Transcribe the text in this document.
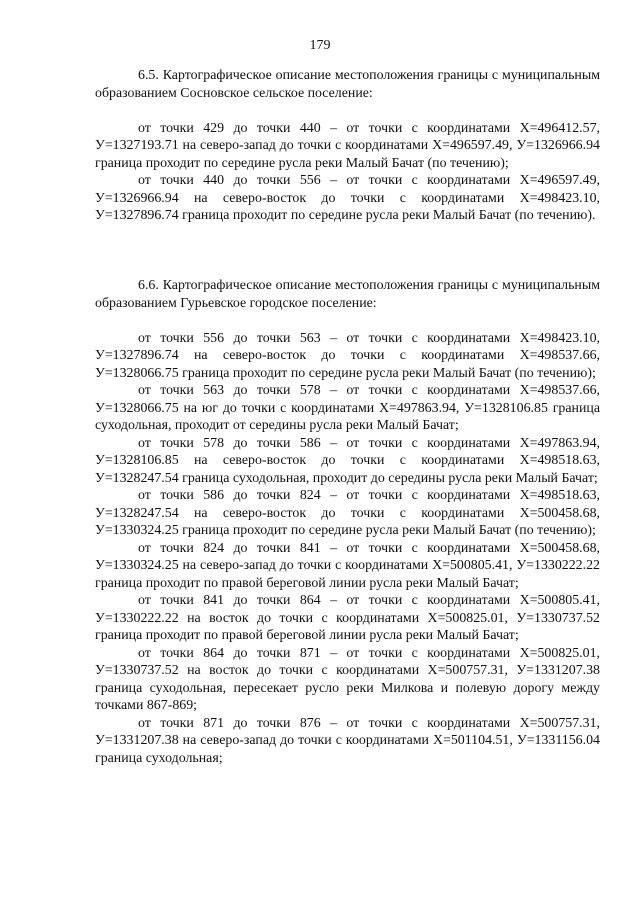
179

6.5. Картографическое описание местоположения границы с муниципальным образованием Сосновское сельское поселение:

от точки 429 до точки 440 – от точки с координатами Х=496412.57, У=1327193.71 на северо-запад до точки с координатами Х=496597.49, У=1326966.94 граница проходит по середине русла реки Малый Бачат (по течению);

от точки 440 до точки 556 – от точки с координатами Х=496597.49, У=1326966.94 на северо-восток до точки с координатами Х=498423.10, У=1327896.74 граница проходит по середине русла реки Малый Бачат (по течению).

6.6. Картографическое описание местоположения границы с муниципальным образованием Гурьевское городское поселение:

от точки 556 до точки 563 – от точки с координатами Х=498423.10, У=1327896.74 на северо-восток до точки с координатами Х=498537.66, У=1328066.75 граница проходит по середине русла реки Малый Бачат (по течению);

от точки 563 до точки 578 – от точки с координатами Х=498537.66, У=1328066.75 на юг до точки с координатами Х=497863.94, У=1328106.85 граница суходольная, проходит от середины русла реки Малый Бачат;

от точки 578 до точки 586 – от точки с координатами Х=497863.94, У=1328106.85 на северо-восток до точки с координатами Х=498518.63, У=1328247.54 граница суходольная, проходит до середины русла реки Малый Бачат;

от точки 586 до точки 824 – от точки с координатами Х=498518.63, У=1328247.54 на северо-восток до точки с координатами Х=500458.68, У=1330324.25 граница проходит по середине русла реки Малый Бачат (по течению);

от точки 824 до точки 841 – от точки с координатами Х=500458.68, У=1330324.25 на северо-запад до точки с координатами Х=500805.41, У=1330222.22 граница проходит по правой береговой линии русла реки Малый Бачат;

от точки 841 до точки 864 – от точки с координатами Х=500805.41, У=1330222.22 на восток до точки с координатами Х=500825.01, У=1330737.52 граница проходит по правой береговой линии русла реки Малый Бачат;

от точки 864 до точки 871 – от точки с координатами Х=500825.01, У=1330737.52 на восток до точки с координатами Х=500757.31, У=1331207.38 граница суходольная, пересекает русло реки Милкова и полевую дорогу между точками 867-869;

от точки 871 до точки 876 – от точки с координатами Х=500757.31, У=1331207.38 на северо-запад до точки с координатами Х=501104.51, У=1331156.04 граница суходольная;
